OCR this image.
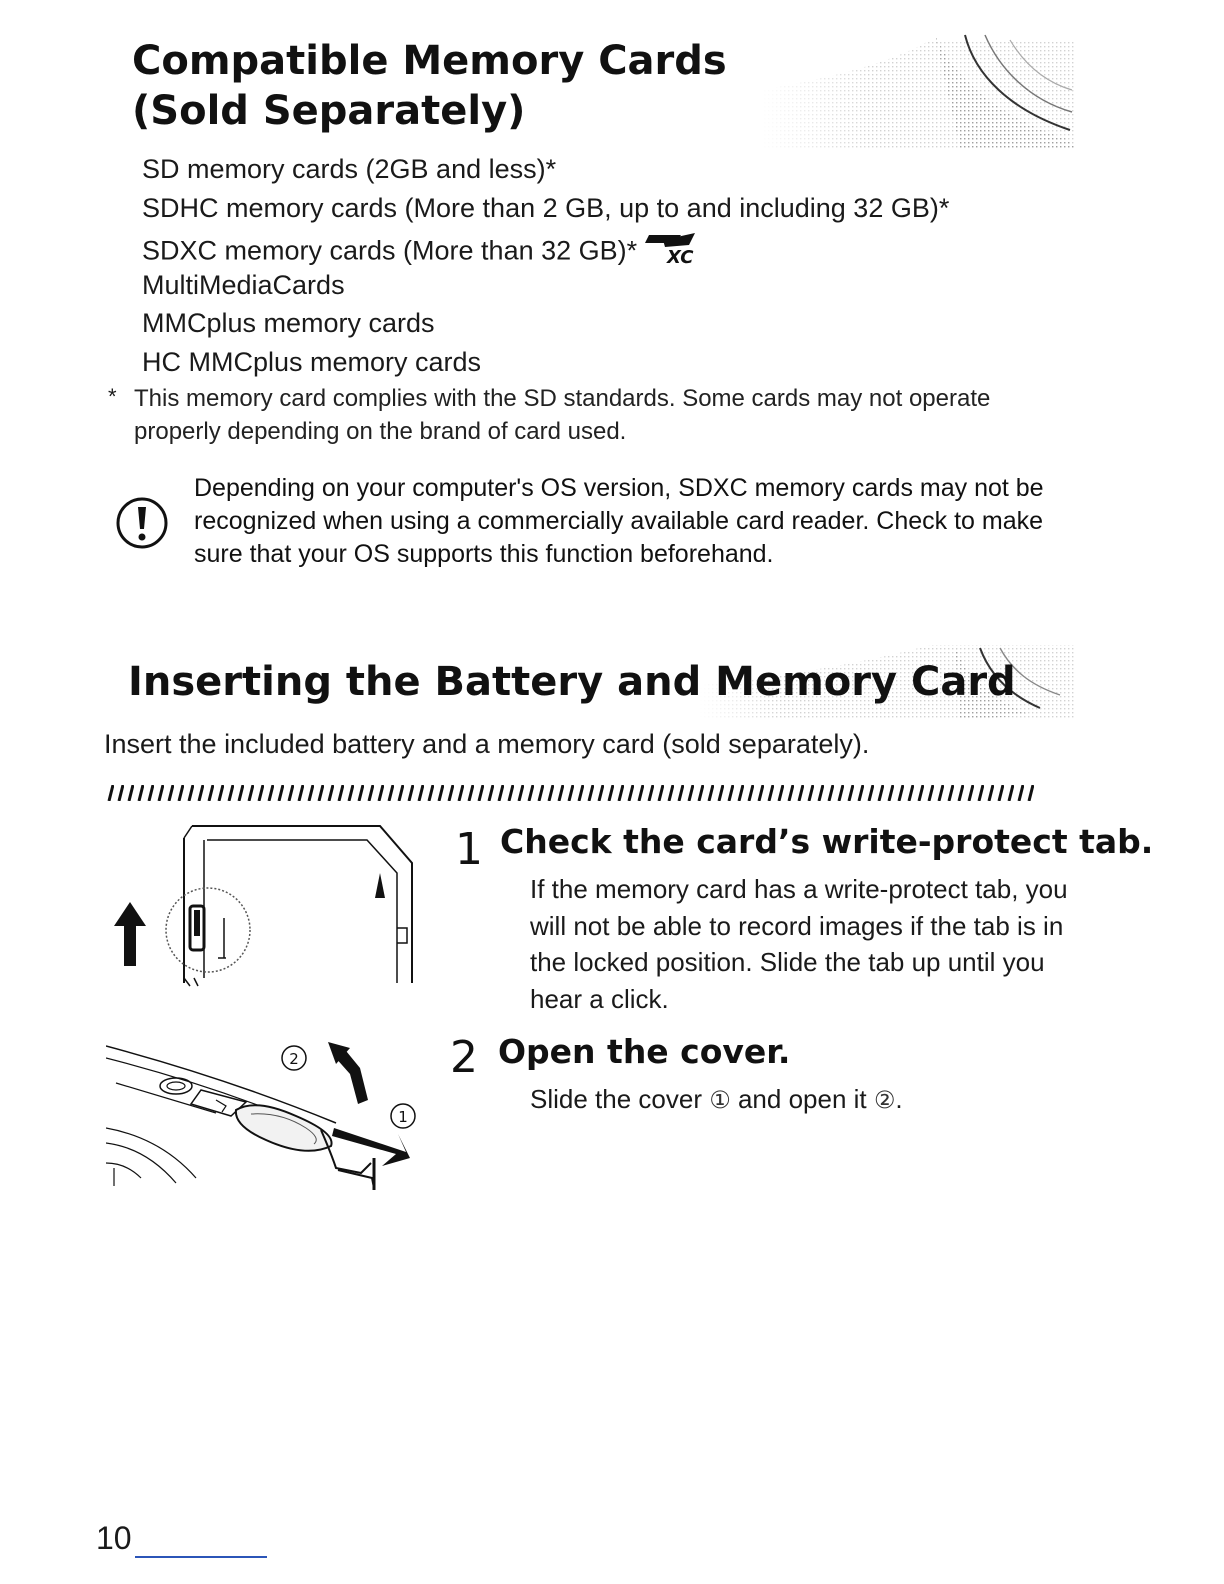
Compatible Memory Cards
(Sold Separately)
SD memory cards (2GB and less)*
SDHC memory cards (More than 2 GB, up to and including 32 GB)*
SDXC memory cards (More than 32 GB)* XC
MultiMediaCards
MMCplus memory cards
HC MMCplus memory cards
* This memory card complies with the SD standards. Some cards may not operate properly depending on the brand of card used.
Depending on your computer's OS version, SDXC memory cards may not be recognized when using a commercially available card reader. Check to make sure that your OS supports this function beforehand.
Inserting the Battery and Memory Card
Insert the included battery and a memory card (sold separately).
2
1
1 Check the card’s write-protect tab.
If the memory card has a write-protect tab, you will not be able to record images if the tab is in the locked position. Slide the tab up until you hear a click.
2 Open the cover.
Slide the cover ① and open it ②.
10
